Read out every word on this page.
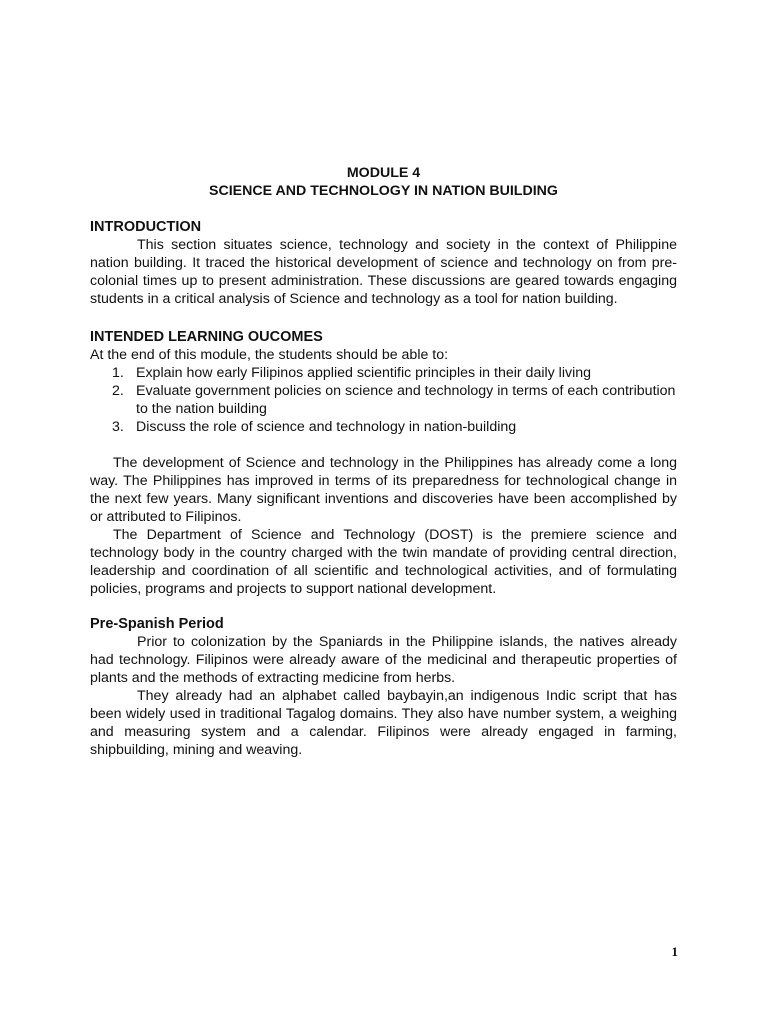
MODULE 4
SCIENCE AND TECHNOLOGY IN NATION BUILDING
INTRODUCTION
This section situates science, technology and society in the context of Philippine nation building. It traced the historical development of science and technology on from pre-colonial times up to present administration. These discussions are geared towards engaging students in a critical analysis of Science and technology as a tool for nation building.
INTENDED LEARNING OUCOMES
At the end of this module, the students should be able to:
1. Explain how early Filipinos applied scientific principles in their daily living
2. Evaluate government policies on science and technology in terms of each contribution to the nation building
3. Discuss the role of science and technology in nation-building
The development of Science and technology in the Philippines has already come a long way. The Philippines has improved in terms of its preparedness for technological change in the next few years. Many significant inventions and discoveries have been accomplished by or attributed to Filipinos.
The Department of Science and Technology (DOST) is the premiere science and technology body in the country charged with the twin mandate of providing central direction, leadership and coordination of all scientific and technological activities, and of formulating policies, programs and projects to support national development.
Pre-Spanish Period
Prior to colonization by the Spaniards in the Philippine islands, the natives already had technology. Filipinos were already aware of the medicinal and therapeutic properties of plants and the methods of extracting medicine from herbs.
They already had an alphabet called baybayin,an indigenous Indic script that has been widely used in traditional Tagalog domains. They also have number system, a weighing and measuring system and a calendar. Filipinos were already engaged in farming, shipbuilding, mining and weaving.
1
